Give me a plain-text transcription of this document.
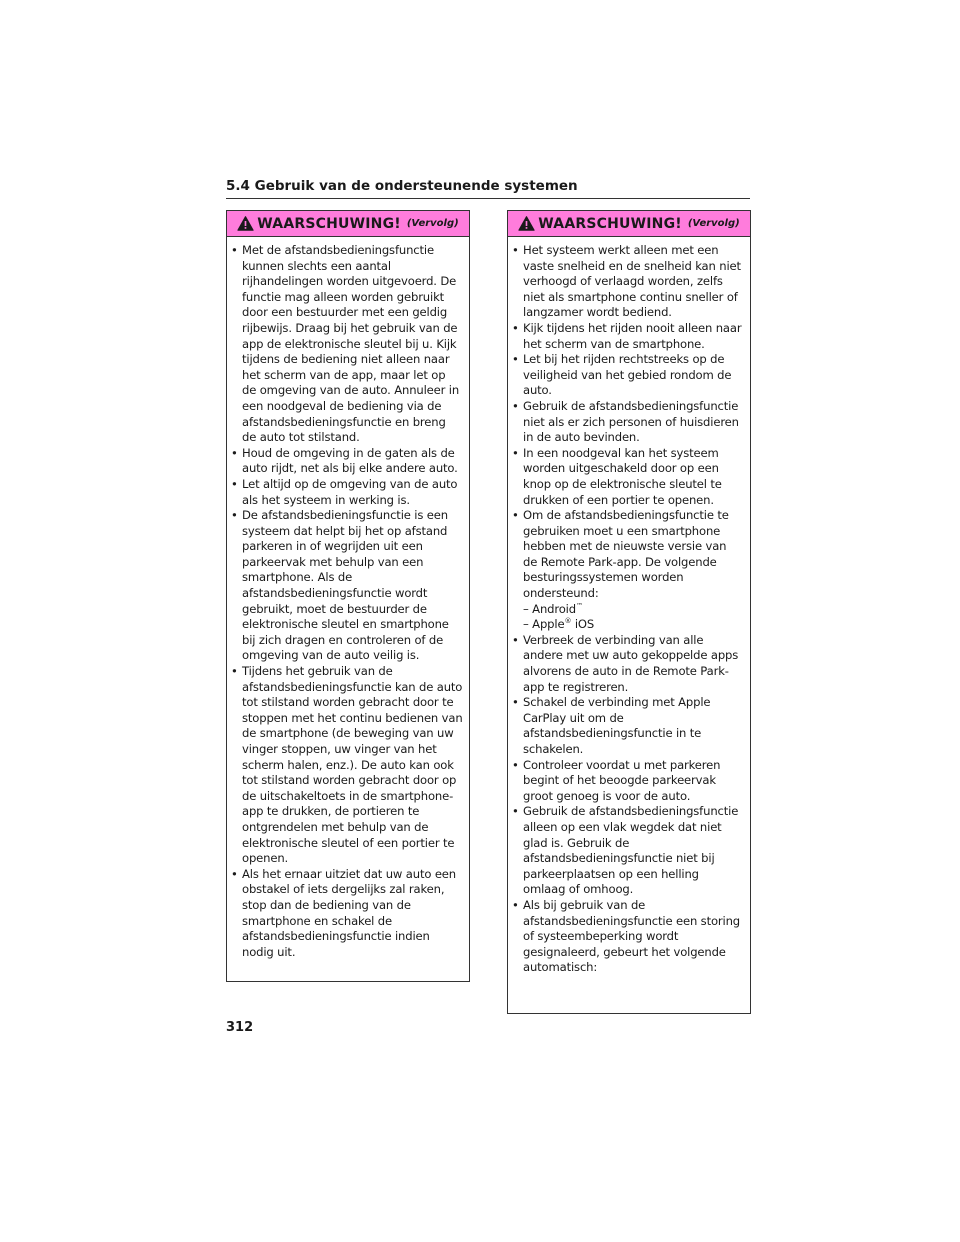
5.4 Gebruik van de ondersteunende systemen
WAARSCHUWING! (Vervolg)
• Met de afstandsbedieningsfunctie kunnen slechts een aantal rijhandelingen worden uitgevoerd. De functie mag alleen worden gebruikt door een bestuurder met een geldig rijbewijs. Draag bij het gebruik van de app de elektronische sleutel bij u. Kijk tijdens de bediening niet alleen naar het scherm van de app, maar let op de omgeving van de auto. Annuleer in een noodgeval de bediening via de afstandsbedieningsfunctie en breng de auto tot stilstand.
• Houd de omgeving in de gaten als de auto rijdt, net als bij elke andere auto.
• Let altijd op de omgeving van de auto als het systeem in werking is.
• De afstandsbedieningsfunctie is een systeem dat helpt bij het op afstand parkeren in of wegrijden uit een parkeervak met behulp van een smartphone. Als de afstandsbedieningsfunctie wordt gebruikt, moet de bestuurder de elektronische sleutel en smartphone bij zich dragen en controleren of de omgeving van de auto veilig is.
• Tijdens het gebruik van de afstandsbedieningsfunctie kan de auto tot stilstand worden gebracht door te stoppen met het continu bedienen van de smartphone (de beweging van uw vinger stoppen, uw vinger van het scherm halen, enz.). De auto kan ook tot stilstand worden gebracht door op de uitschakeltoets in de smartphone-app te drukken, de portieren te ontgrendelen met behulp van de elektronische sleutel of een portier te openen.
• Als het ernaar uitziet dat uw auto een obstakel of iets dergelijks zal raken, stop dan de bediening van de smartphone en schakel de afstandsbedieningsfunctie indien nodig uit.
WAARSCHUWING! (Vervolg)
• Het systeem werkt alleen met een vaste snelheid en de snelheid kan niet verhoogd of verlaagd worden, zelfs niet als smartphone continu sneller of langzamer wordt bediend.
• Kijk tijdens het rijden nooit alleen naar het scherm van de smartphone.
• Let bij het rijden rechtstreeks op de veiligheid van het gebied rondom de auto.
• Gebruik de afstandsbedieningsfunctie niet als er zich personen of huisdieren in de auto bevinden.
• In een noodgeval kan het systeem worden uitgeschakeld door op een knop op de elektronische sleutel te drukken of een portier te openen.
• Om de afstandsbedieningsfunctie te gebruiken moet u een smartphone hebben met de nieuwste versie van de Remote Park-app. De volgende besturingssystemen worden ondersteund:
– Android™
– Apple® iOS
• Verbreek de verbinding van alle andere met uw auto gekoppelde apps alvorens de auto in de Remote Park-app te registreren.
• Schakel de verbinding met Apple CarPlay uit om de afstandsbedieningsfunctie in te schakelen.
• Controleer voordat u met parkeren begint of het beoogde parkeervak groot genoeg is voor de auto.
• Gebruik de afstandsbedieningsfunctie alleen op een vlak wegdek dat niet glad is. Gebruik de afstandsbedieningsfunctie niet bij parkeerplaatsen op een helling omlaag of omhoog.
• Als bij gebruik van de afstandsbedieningsfunctie een storing of systeembeperking wordt gesignaleerd, gebeurt het volgende automatisch:
312
